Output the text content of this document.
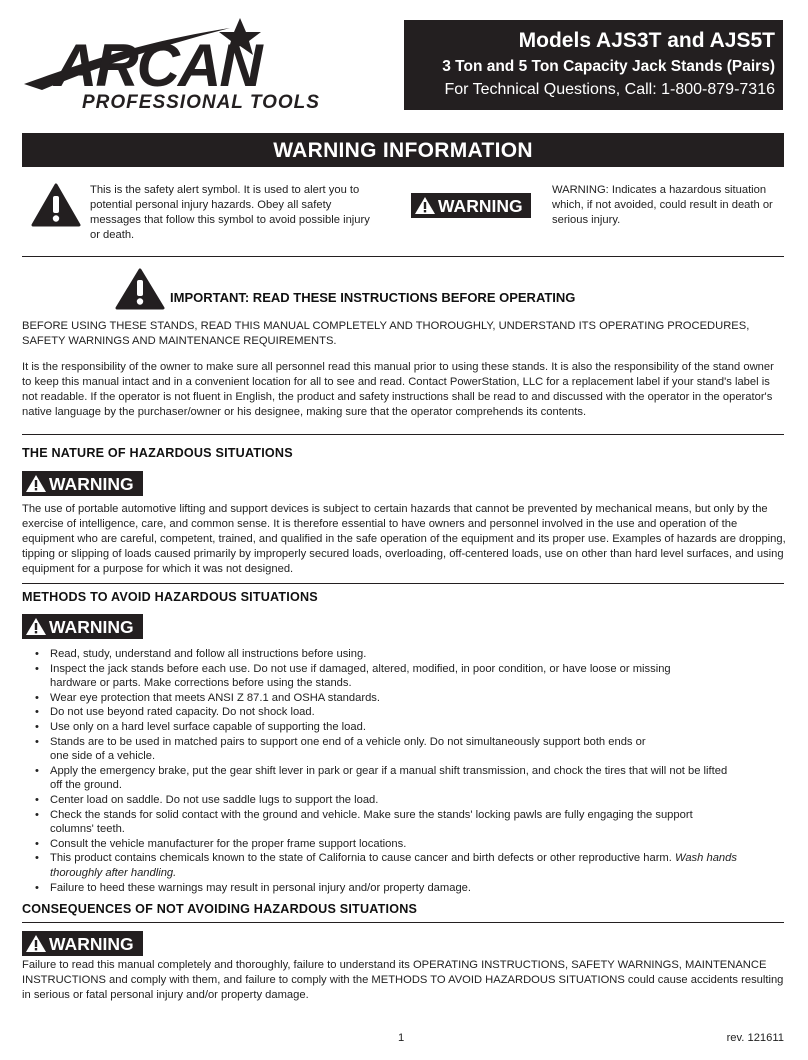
ARCAN
PROFESSIONAL TOOLS
Models AJS3T and AJS5T
3 Ton and 5 Ton Capacity Jack Stands (Pairs)
For Technical Questions, Call: 1-800-879-7316
WARNING INFORMATION

This is the safety alert symbol. It is used to alert you to potential personal injury hazards. Obey all safety messages that follow this symbol to avoid possible injury or death.

WARNING

WARNING: Indicates a hazardous situation which, if not avoided, could result in death or serious injury.

IMPORTANT: READ THESE INSTRUCTIONS BEFORE OPERATING

BEFORE USING THESE STANDS, READ THIS MANUAL COMPLETELY AND THOROUGHLY, UNDERSTAND ITS OPERATING PROCEDURES, SAFETY WARNINGS AND MAINTENANCE REQUIREMENTS.

It is the responsibility of the owner to make sure all personnel read this manual prior to using these stands. It is also the responsibility of the stand owner to keep this manual intact and in a convenient location for all to see and read. Contact PowerStation, LLC for a replacement label if your stand's label is not readable. If the operator is not fluent in English, the product and safety instructions shall be read to and discussed with the operator in the operator's native language by the purchaser/owner or his designee, making sure that the operator comprehends its contents.

THE NATURE OF HAZARDOUS SITUATIONS
WARNING

The use of portable automotive lifting and support devices is subject to certain hazards that cannot be prevented by mechanical means, but only by the exercise of intelligence, care, and common sense. It is therefore essential to have owners and personnel involved in the use and operation of the equipment who are careful, competent, trained, and qualified in the safe operation of the equipment and its proper use. Examples of hazards are dropping, tipping or slipping of loads caused primarily by improperly secured loads, overloading, off-centered loads, use on other than hard level surfaces, and using equipment for a purpose for which it was not designed.

METHODS TO AVOID HAZARDOUS SITUATIONS
WARNING
• Read, study, understand and follow all instructions before using.
• Inspect the jack stands before each use. Do not use if damaged, altered, modified, in poor condition, or have loose or missing hardware or parts. Make corrections before using the stands.
• Wear eye protection that meets ANSI Z 87.1 and OSHA standards.
• Do not use beyond rated capacity. Do not shock load.
• Use only on a hard level surface capable of supporting the load.
• Stands are to be used in matched pairs to support one end of a vehicle only. Do not simultaneously support both ends or one side of a vehicle.
• Apply the emergency brake, put the gear shift lever in park or gear if a manual shift transmission, and chock the tires that will not be lifted off the ground.
• Center load on saddle. Do not use saddle lugs to support the load.
• Check the stands for solid contact with the ground and vehicle. Make sure the stands' locking pawls are fully engaging the support columns' teeth.
• Consult the vehicle manufacturer for the proper frame support locations.
• This product contains chemicals known to the state of California to cause cancer and birth defects or other reproductive harm. Wash hands thoroughly after handling.
• Failure to heed these warnings may result in personal injury and/or property damage.
CONSEQUENCES OF NOT AVOIDING HAZARDOUS SITUATIONS
WARNING

Failure to read this manual completely and thoroughly, failure to understand its OPERATING INSTRUCTIONS, SAFETY WARNINGS, MAINTENANCE INSTRUCTIONS and comply with them, and failure to comply with the METHODS TO AVOID HAZARDOUS SITUATIONS could cause accidents resulting in serious or fatal personal injury and/or property damage.

1	rev. 121611
